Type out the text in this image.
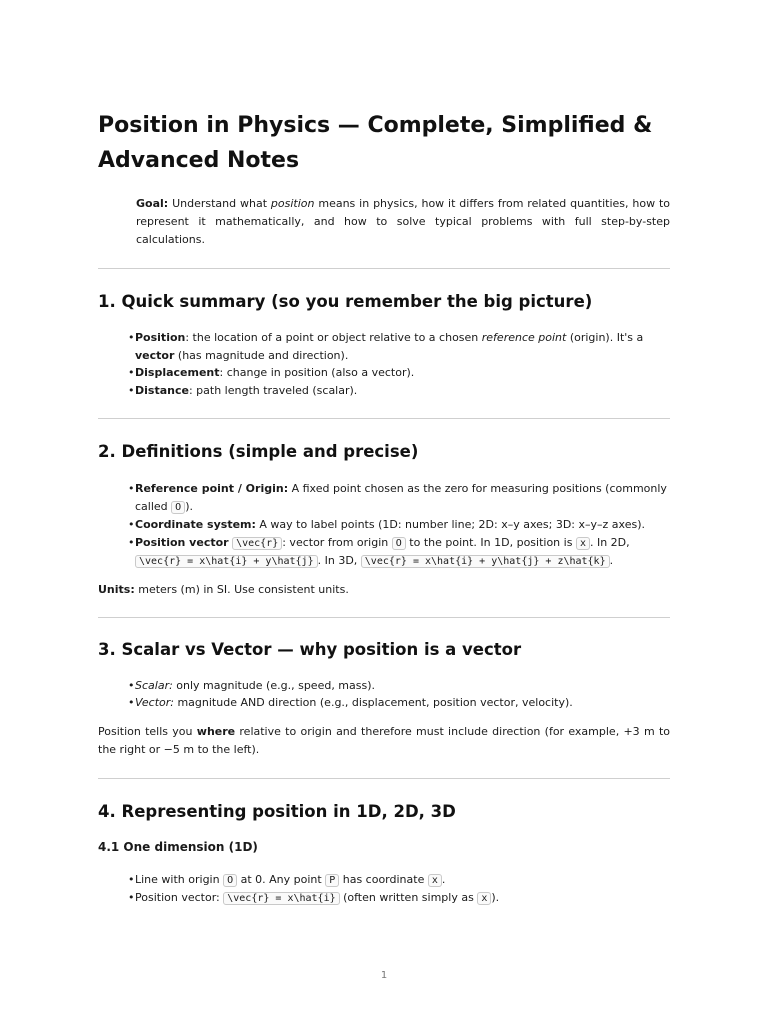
Position in Physics — Complete, Simplified & Advanced Notes
Goal: Understand what position means in physics, how it differs from related quantities, how to represent it mathematically, and how to solve typical problems with full step-by-step calculations.
1. Quick summary (so you remember the big picture)
• Position: the location of a point or object relative to a chosen reference point (origin). It's a vector (has magnitude and direction).
• Displacement: change in position (also a vector).
• Distance: path length traveled (scalar).
2. Definitions (simple and precise)
• Reference point / Origin: A fixed point chosen as the zero for measuring positions (commonly called O ).
• Coordinate system: A way to label points (1D: number line; 2D: x–y axes; 3D: x–y–z axes).
• Position vector \vec{r} : vector from origin O to the point. In 1D, position is x . In 2D, \vec{r} = x\hat{i} + y\hat{j} . In 3D, \vec{r} = x\hat{i} + y\hat{j} + z\hat{k} .

Units: meters (m) in SI. Use consistent units.

3. Scalar vs Vector — why position is a vector
• Scalar: only magnitude (e.g., speed, mass).
• Vector: magnitude AND direction (e.g., displacement, position vector, velocity).

Position tells you where relative to origin and therefore must include direction (for example, +3 m to the right or −5 m to the left).

4. Representing position in 1D, 2D, 3D
4.1 One dimension (1D)
• Line with origin O at 0. Any point P has coordinate x .
• Position vector: \vec{r} = x\hat{i} (often written simply as x ).
1
